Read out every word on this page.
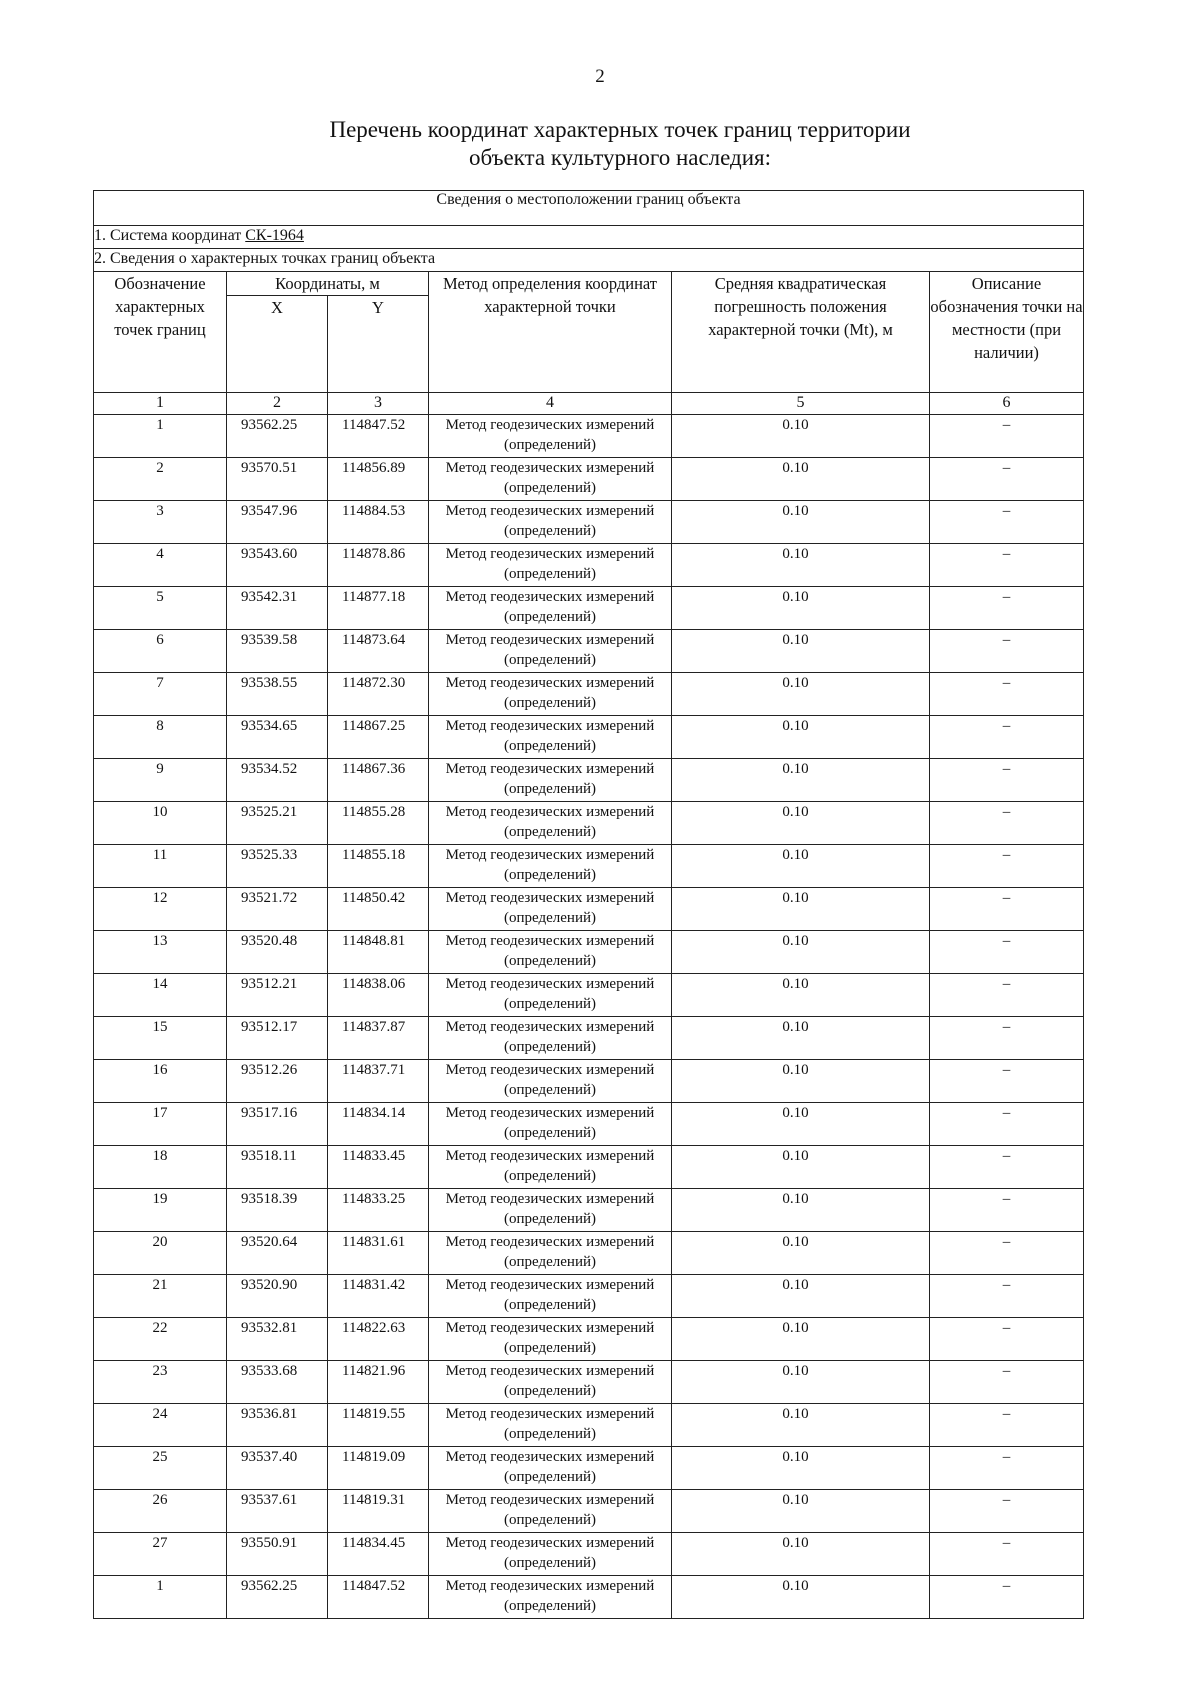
2
Перечень координат характерных точек границ территории
объекта культурного наследия:
Сведения о местоположении границ объекта					
1. Система координат СК-1964					
2. Сведения о характерных точках границ объекта					
Обозначение характерных точек границ	Координаты, м		Метод определения координат характерной точки	Средняя квадратическая погрешность положения характерной точки (Mt), м	Описание обозначения точки на местности (при наличии)
	X	Y			
1	2	3	4	5	6
1	93562.25	114847.52	Метод геодезических измерений (определений)	0.10	–
2	93570.51	114856.89	Метод геодезических измерений (определений)	0.10	–
3	93547.96	114884.53	Метод геодезических измерений (определений)	0.10	–
4	93543.60	114878.86	Метод геодезических измерений (определений)	0.10	–
5	93542.31	114877.18	Метод геодезических измерений (определений)	0.10	–
6	93539.58	114873.64	Метод геодезических измерений (определений)	0.10	–
7	93538.55	114872.30	Метод геодезических измерений (определений)	0.10	–
8	93534.65	114867.25	Метод геодезических измерений (определений)	0.10	–
9	93534.52	114867.36	Метод геодезических измерений (определений)	0.10	–
10	93525.21	114855.28	Метод геодезических измерений (определений)	0.10	–
11	93525.33	114855.18	Метод геодезических измерений (определений)	0.10	–
12	93521.72	114850.42	Метод геодезических измерений (определений)	0.10	–
13	93520.48	114848.81	Метод геодезических измерений (определений)	0.10	–
14	93512.21	114838.06	Метод геодезических измерений (определений)	0.10	–
15	93512.17	114837.87	Метод геодезических измерений (определений)	0.10	–
16	93512.26	114837.71	Метод геодезических измерений (определений)	0.10	–
17	93517.16	114834.14	Метод геодезических измерений (определений)	0.10	–
18	93518.11	114833.45	Метод геодезических измерений (определений)	0.10	–
19	93518.39	114833.25	Метод геодезических измерений (определений)	0.10	–
20	93520.64	114831.61	Метод геодезических измерений (определений)	0.10	–
21	93520.90	114831.42	Метод геодезических измерений (определений)	0.10	–
22	93532.81	114822.63	Метод геодезических измерений (определений)	0.10	–
23	93533.68	114821.96	Метод геодезических измерений (определений)	0.10	–
24	93536.81	114819.55	Метод геодезических измерений (определений)	0.10	–
25	93537.40	114819.09	Метод геодезических измерений (определений)	0.10	–
26	93537.61	114819.31	Метод геодезических измерений (определений)	0.10	–
27	93550.91	114834.45	Метод геодезических измерений (определений)	0.10	–
1	93562.25	114847.52	Метод геодезических измерений (определений)	0.10	–
